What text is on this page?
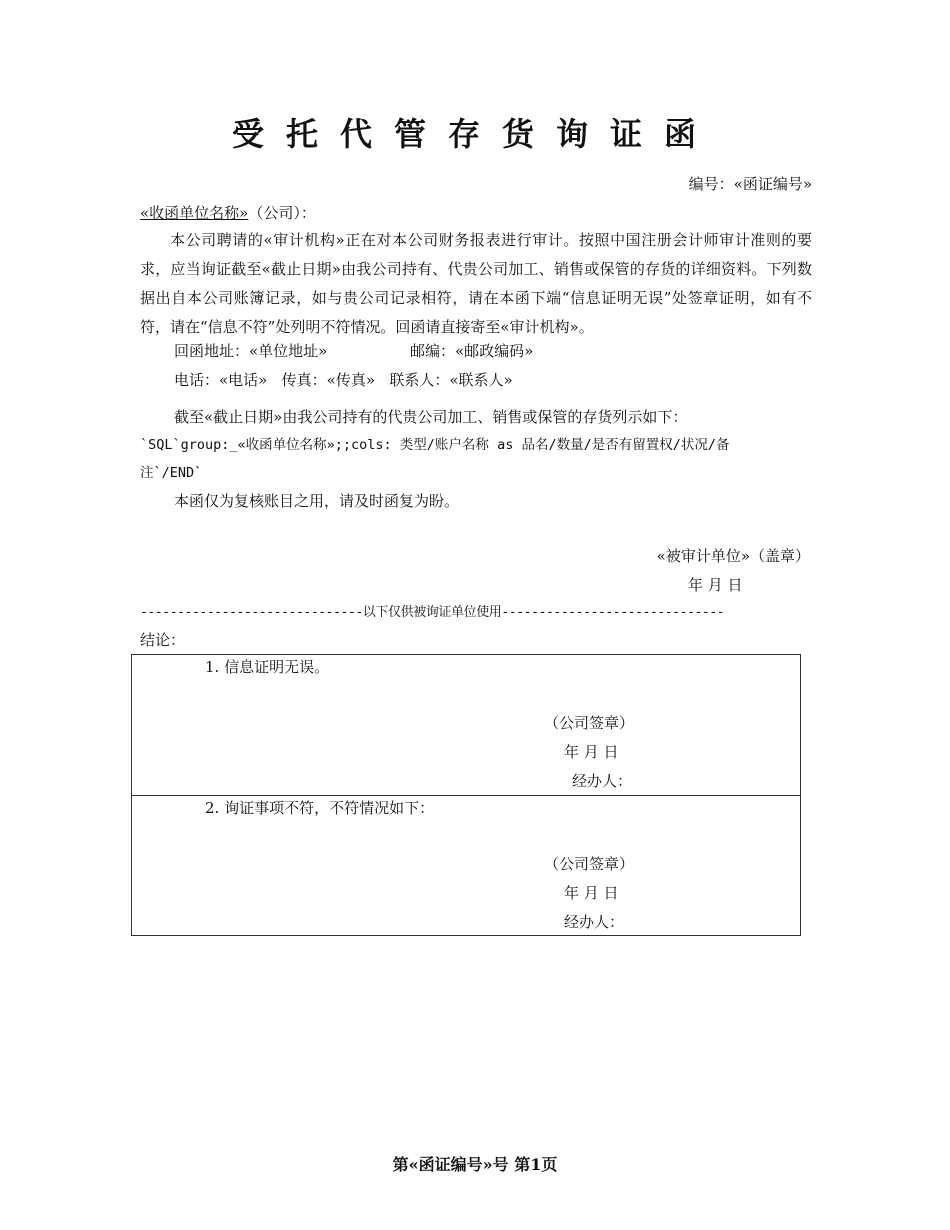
受托代管存货询证函
编号：«函证编号»
«收函单位名称»（公司）：
本公司聘请的«审计机构»正在对本公司财务报表进行审计。按照中国注册会计师审计准则的要求，应当询证截至«截止日期»由我公司持有、代贵公司加工、销售或保管的存货的详细资料。下列数据出自本公司账簿记录，如与贵公司记录相符，请在本函下端“信息证明无误”处签章证明，如有不符，请在“信息不符”处列明不符情况。回函请直接寄至«审计机构»。
回函地址：«单位地址»	邮编：«邮政编码»
电话：«电话» 传真：«传真» 联系人：«联系人»
截至«截止日期»由我公司持有的代贵公司加工、销售或保管的存货列示如下：
`SQL`group:_«收函单位名称»;;cols: 类型/账户名称 as 品名/数量/是否有留置权/状况/备
注`/END`
本函仅为复核账目之用，请及时函复为盼。
«被审计单位»（盖章）
年 月 日
------------------------------以下仅供被询证单位使用------------------------------
结论：
1. 信息证明无误。
（公司签章）
年 月 日
经办人：
2. 询证事项不符，不符情况如下：
（公司签章）
年 月 日
经办人：
第«函证编号»号 第1页
